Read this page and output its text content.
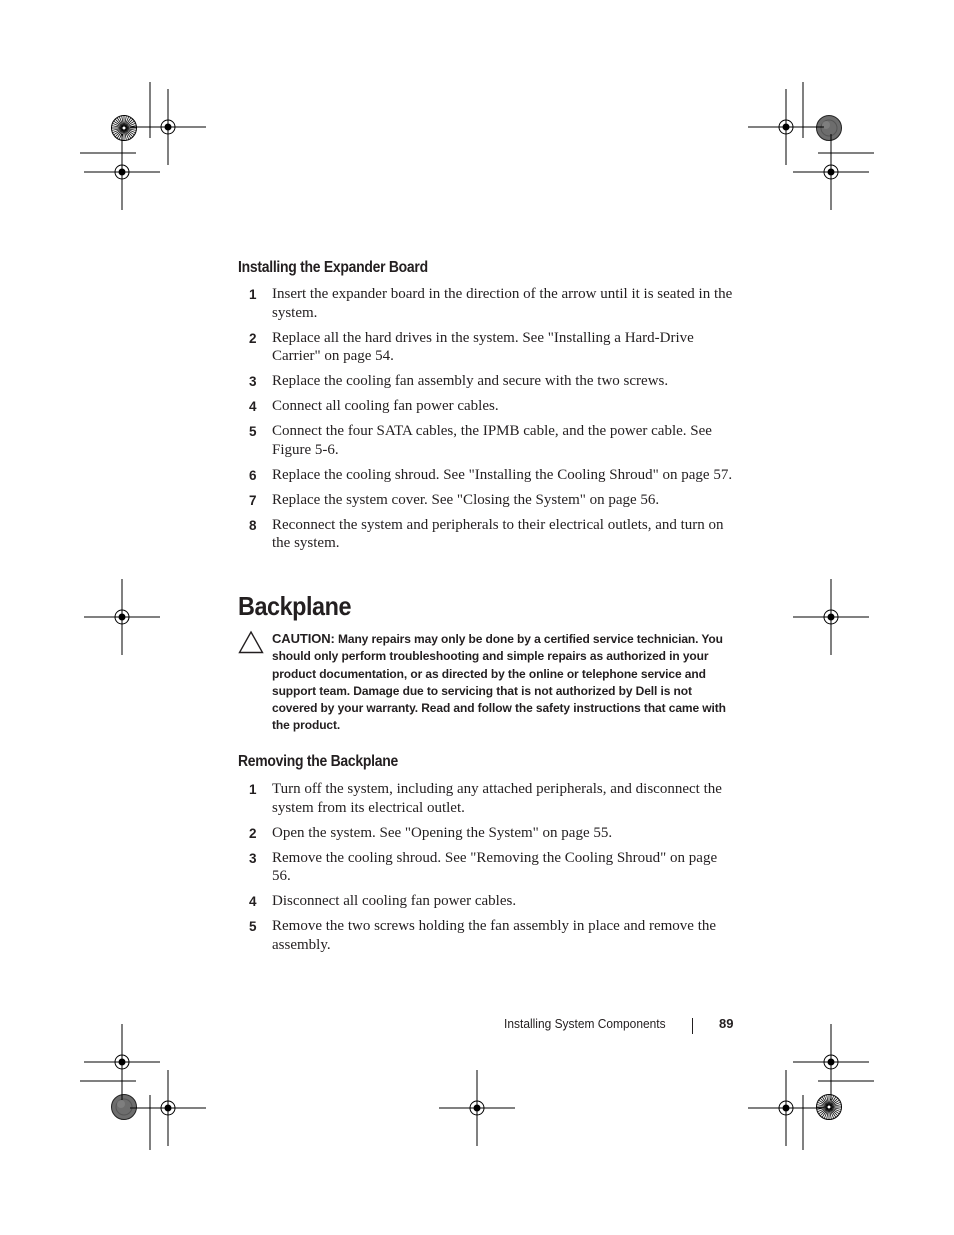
Installing the Expander Board
1 Insert the expander board in the direction of the arrow until it is seated in the system.
2 Replace all the hard drives in the system. See "Installing a Hard-Drive Carrier" on page 54.
3 Replace the cooling fan assembly and secure with the two screws.
4 Connect all cooling fan power cables.
5 Connect the four SATA cables, the IPMB cable, and the power cable. See Figure 5-6.
6 Replace the cooling shroud. See "Installing the Cooling Shroud" on page 57.
7 Replace the system cover. See "Closing the System" on page 56.
8 Reconnect the system and peripherals to their electrical outlets, and turn on the system.
Backplane
CAUTION: Many repairs may only be done by a certified service technician. You should only perform troubleshooting and simple repairs as authorized in your product documentation, or as directed by the online or telephone service and support team. Damage due to servicing that is not authorized by Dell is not covered by your warranty. Read and follow the safety instructions that came with the product.
Removing the Backplane
1 Turn off the system, including any attached peripherals, and disconnect the system from its electrical outlet.
2 Open the system. See "Opening the System" on page 55.
3 Remove the cooling shroud. See "Removing the Cooling Shroud" on page 56.
4 Disconnect all cooling fan power cables.
5 Remove the two screws holding the fan assembly in place and remove the assembly.
Installing System Components	89
